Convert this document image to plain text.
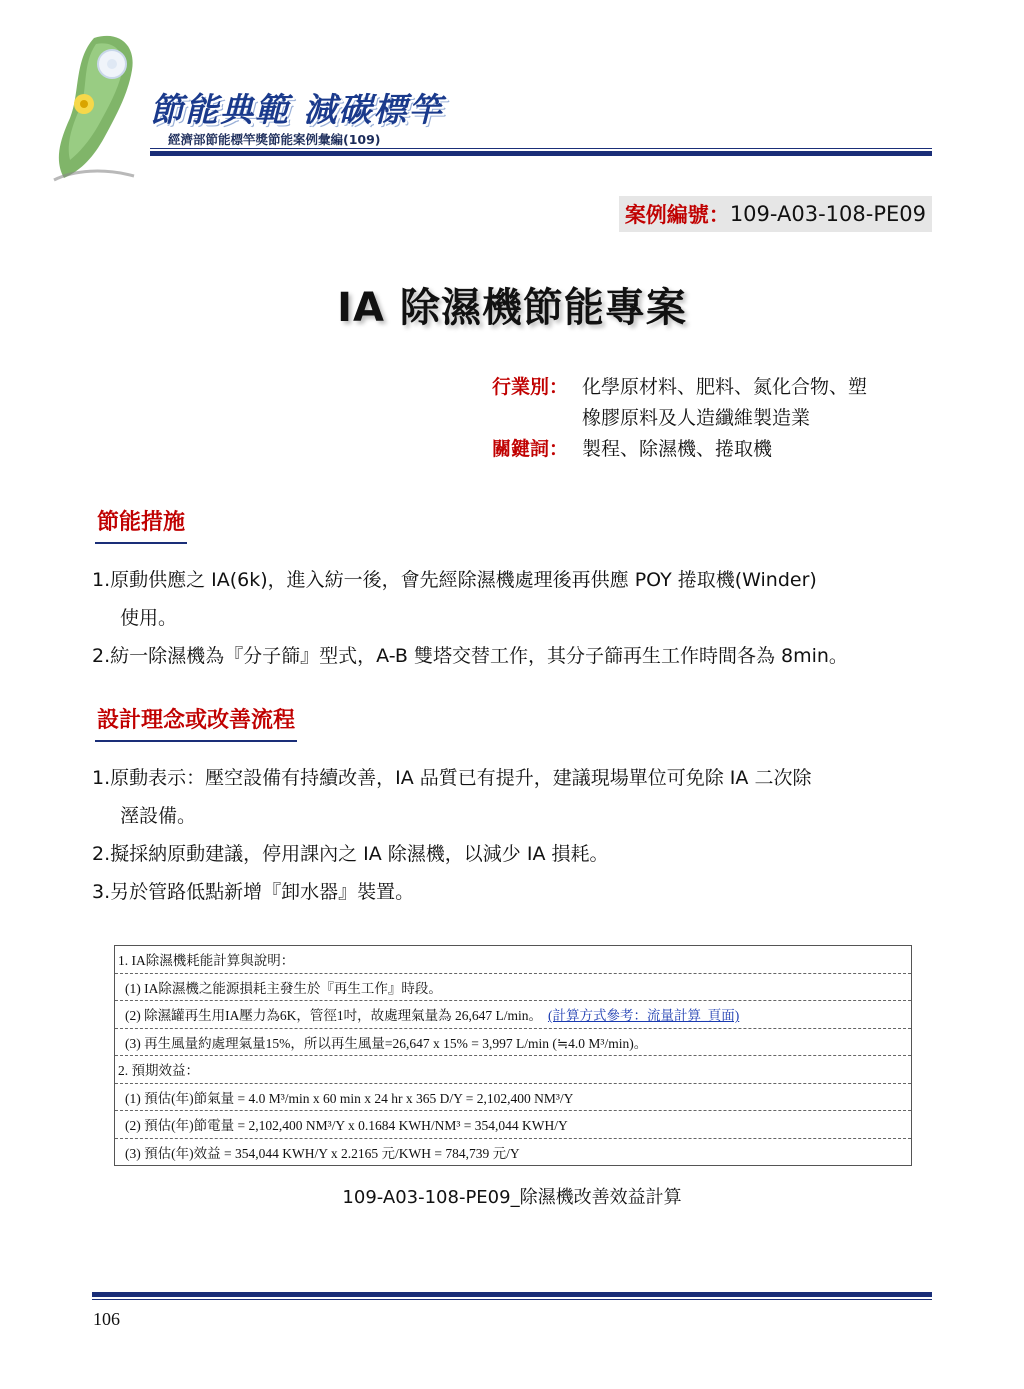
節能典範 減碳標竿
經濟部節能標竿獎節能案例彙編(109)
案例編號： 109-A03-108-PE09
IA 除濕機節能專案
行業別： 化學原材料、肥料、氮化合物、塑
橡膠原料及人造纖維製造業
關鍵詞： 製程、除濕機、捲取機
節能措施
1.原動供應之 IA(6k)，進入紡一後，會先經除濕機處理後再供應 POY 捲取機(Winder)
使用。
2.紡一除濕機為『分子篩』型式，A-B 雙塔交替工作，其分子篩再生工作時間各為 8min。
設計理念或改善流程
1.原動表示：壓空設備有持續改善，IA 品質已有提升，建議現場單位可免除 IA 二次除
溼設備。
2.擬採納原動建議，停用課內之 IA 除濕機，以減少 IA 損耗。
3.另於管路低點新增『卸水器』裝置。
1. IA除濕機耗能計算與說明：
(1) IA除濕機之能源損耗主發生於『再生工作』時段。
(2) 除濕罐再生用IA壓力為6K，管徑1吋，故處理氣量為 26,647 L/min。 (計算方式參考：流量計算_頁面)
(3) 再生風量約處理氣量15%，所以再生風量=26,647 x 15% = 3,997 L/min (≒4.0 M³/min)。
2. 預期效益：
(1) 預估(年)節氣量 = 4.0 M³/min x 60 min x 24 hr x 365 D/Y = 2,102,400 NM³/Y
(2) 預估(年)節電量 = 2,102,400 NM³/Y x 0.1684 KWH/NM³ = 354,044 KWH/Y
(3) 預估(年)效益 = 354,044 KWH/Y x 2.2165 元/KWH = 784,739 元/Y
109-A03-108-PE09_除濕機改善效益計算
106
